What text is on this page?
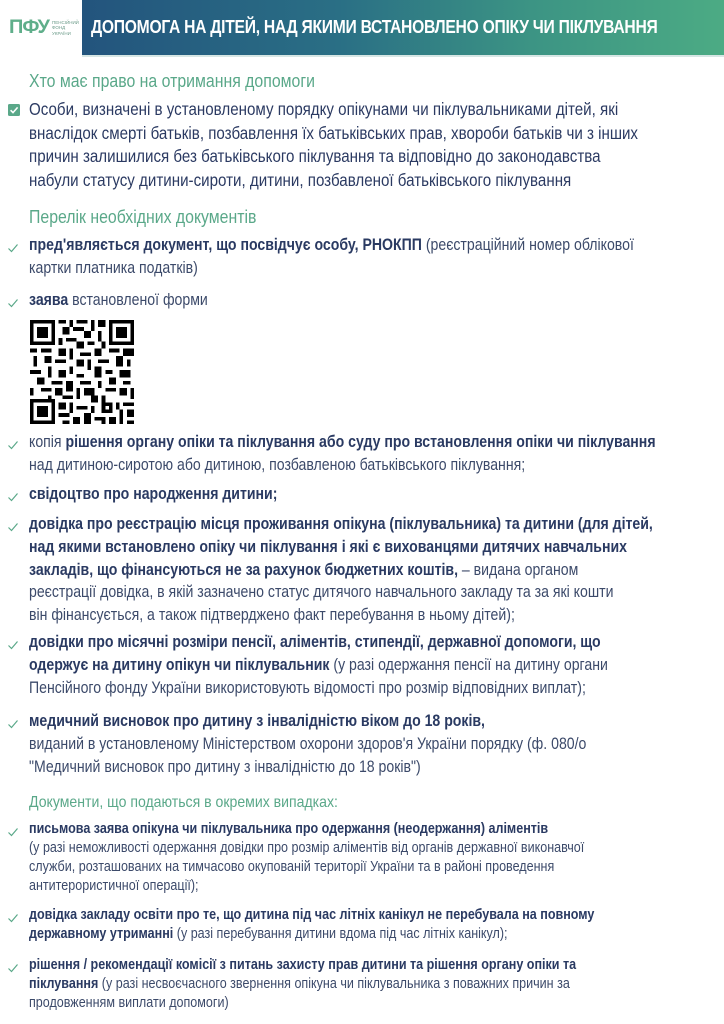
ПФУ ПЕНСІЙНИЙ
ФОНД
УКРАЇНИ	ДОПОМОГА НА ДІТЕЙ, НАД ЯКИМИ ВСТАНОВЛЕНО ОПІКУ ЧИ ПІКЛУВАННЯ
Хто має право на отримання допомоги
Особи, визначені в установленому порядку опікунами чи піклувальниками дітей, які
внаслідок смерті батьків, позбавлення їх батьківських прав, хвороби батьків чи з інших
причин залишилися без батьківського піклування та відповідно до законодавства
набули статусу дитини-сироти, дитини, позбавленої батьківського піклування
Перелік необхідних документів
пред'являється документ, що посвідчує особу, РНОКПП (реєстраційний номер облікової
картки платника податків)
заява встановленої форми
копія рішення органу опіки та піклування або суду про встановлення опіки чи піклування
над дитиною-сиротою або дитиною, позбавленою батьківського піклування;
свідоцтво про народження дитини;
довідка про реєстрацію місця проживання опікуна (піклувальника) та дитини (для дітей,
над якими встановлено опіку чи піклування і які є вихованцями дитячих навчальних
закладів, що фінансуються не за рахунок бюджетних коштів, – видана органом
реєстрації довідка, в якій зазначено статус дитячого навчального закладу та за які кошти
він фінансується, а також підтверджено факт перебування в ньому дітей);
довідки про місячні розміри пенсії, аліментів, стипендії, державної допомоги, що
одержує на дитину опікун чи піклувальник (у разі одержання пенсії на дитину органи
Пенсійного фонду України використовують відомості про розмір відповідних виплат);
медичний висновок про дитину з інвалідністю віком до 18 років,
виданий в установленому Міністерством охорони здоров'я України порядку (ф. 080/о
"Медичний висновок про дитину з інвалідністю до 18 років")
Документи, що подаються в окремих випадках:
письмова заява опікуна чи піклувальника про одержання (неодержання) аліментів
(у разі неможливості одержання довідки про розмір аліментів від органів державної виконавчої
служби, розташованих на тимчасово окупованій території України та в районі проведення
антитерористичної операції);
довідка закладу освіти про те, що дитина під час літніх канікул не перебувала на повному
державному утриманні (у разі перебування дитини вдома під час літніх канікул);
рішення / рекомендації комісії з питань захисту прав дитини та рішення органу опіки та
піклування (у разі несвоєчасного звернення опікуна чи піклувальника з поважних причин за
продовженням виплати допомоги)
